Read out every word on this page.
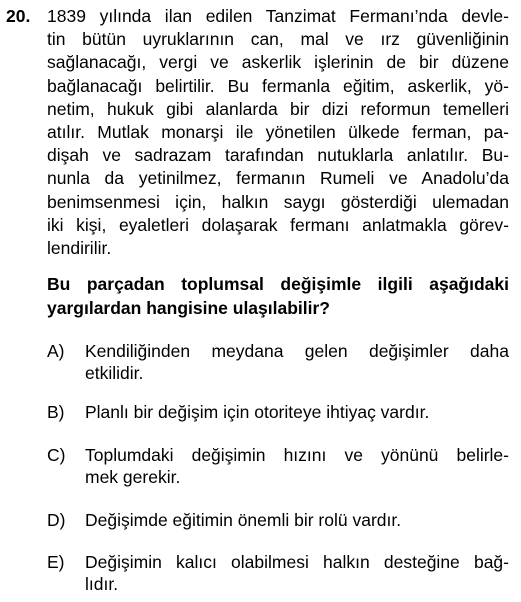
20. 1839 yılında ilan edilen Tanzimat Fermanı’nda devle-
tin bütün uyruklarının can, mal ve ırz güvenliğinin
sağlanacağı, vergi ve askerlik işlerinin de bir düzene
bağlanacağı belirtilir. Bu fermanla eğitim, askerlik, yö-
netim, hukuk gibi alanlarda bir dizi reformun temelleri
atılır. Mutlak monarşi ile yönetilen ülkede ferman, pa-
dişah ve sadrazam tarafından nutuklarla anlatılır. Bu-
nunla da yetinilmez, fermanın Rumeli ve Anadolu’da
benimsenmesi için, halkın saygı gösterdiği ulemadan
iki kişi, eyaletleri dolaşarak fermanı anlatmakla görev-
lendirilir.
Bu parçadan toplumsal değişimle ilgili aşağıdaki
yargılardan hangisine ulaşılabilir?
A)	Kendiliğinden meydana gelen değişimler daha
etkilidir.
B)	Planlı bir değişim için otoriteye ihtiyaç vardır.
C)	Toplumdaki değişimin hızını ve yönünü belirle-
mek gerekir.
D)	Değişimde eğitimin önemli bir rolü vardır.
E)	Değişimin kalıcı olabilmesi halkın desteğine bağ-
lıdır.
